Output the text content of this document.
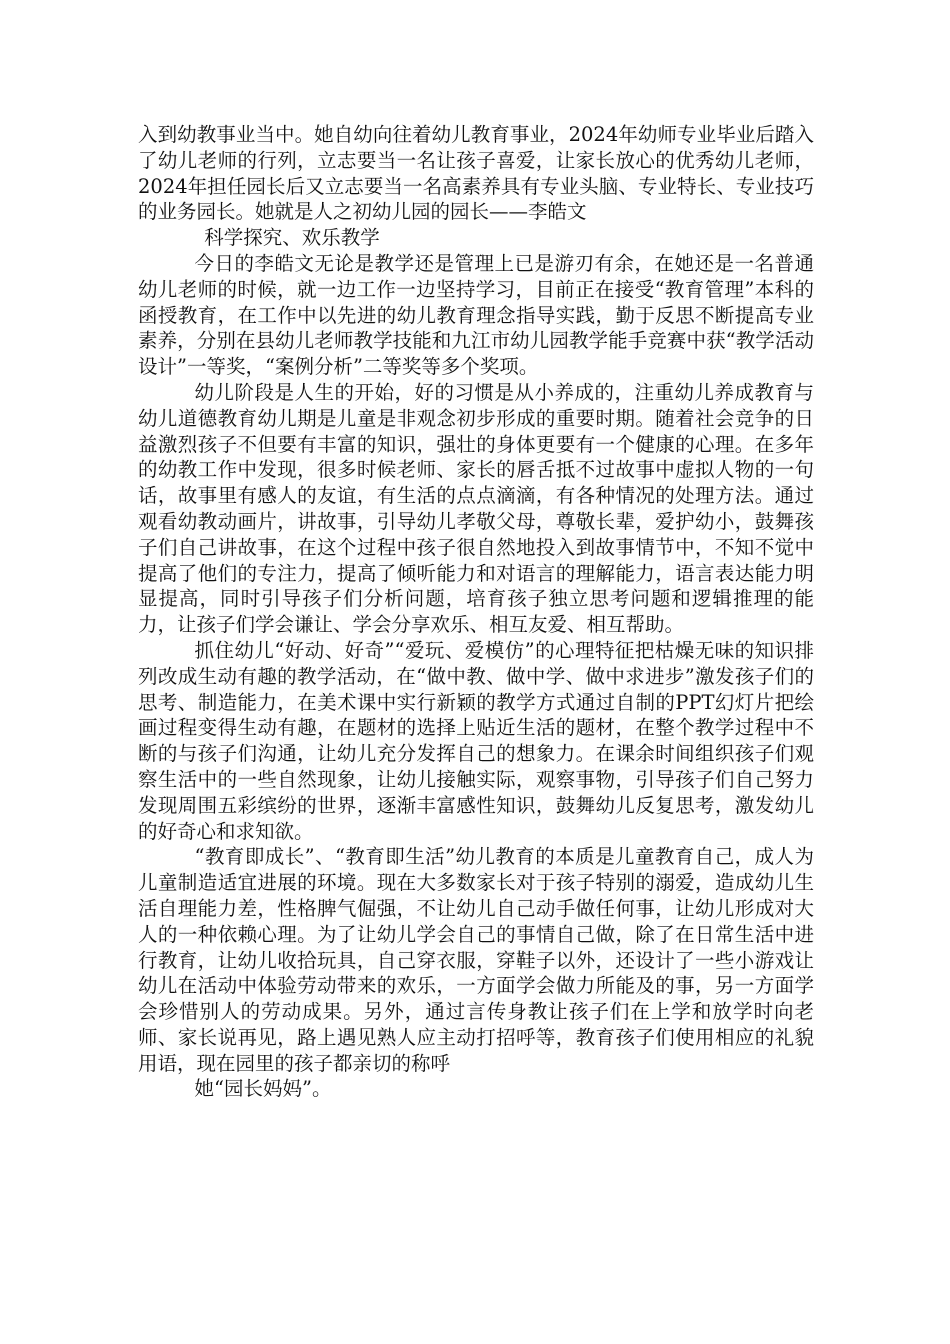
入到幼教事业当中。她自幼向往着幼儿教育事业，2024年幼师专业毕业后踏入了幼儿老师的行列，立志要当一名让孩子喜爱，让家长放心的优秀幼儿老师，2024年担任园长后又立志要当一名高素养具有专业头脑、专业特长、专业技巧的业务园长。她就是人之初幼儿园的园长——李皓文

科学探究、欢乐教学

今日的李皓文无论是教学还是管理上已是游刃有余，在她还是一名普通幼儿老师的时候，就一边工作一边坚持学习，目前正在接受“教育管理”本科的函授教育，在工作中以先进的幼儿教育理念指导实践，勤于反思不断提高专业素养，分别在县幼儿老师教学技能和九江市幼儿园教学能手竞赛中获“教学活动设计”一等奖，“案例分析”二等奖等多个奖项。

幼儿阶段是人生的开始，好的习惯是从小养成的，注重幼儿养成教育与幼儿道德教育幼儿期是儿童是非观念初步形成的重要时期。随着社会竞争的日益激烈孩子不但要有丰富的知识，强壮的身体更要有一个健康的心理。在多年的幼教工作中发现，很多时候老师、家长的唇舌抵不过故事中虚拟人物的一句话，故事里有感人的友谊，有生活的点点滴滴，有各种情况的处理方法。通过观看幼教动画片，讲故事，引导幼儿孝敬父母，尊敬长辈，爱护幼小，鼓舞孩子们自己讲故事，在这个过程中孩子很自然地投入到故事情节中，不知不觉中提高了他们的专注力，提高了倾听能力和对语言的理解能力，语言表达能力明显提高，同时引导孩子们分析问题，培育孩子独立思考问题和逻辑推理的能力，让孩子们学会谦让、学会分享欢乐、相互友爱、相互帮助。

抓住幼儿“好动、好奇”“爱玩、爱模仿”的心理特征把枯燥无味的知识排列改成生动有趣的教学活动，在“做中教、做中学、做中求进步”激发孩子们的思考、制造能力，在美术课中实行新颖的教学方式通过自制的PPT幻灯片把绘画过程变得生动有趣，在题材的选择上贴近生活的题材，在整个教学过程中不断的与孩子们沟通，让幼儿充分发挥自己的想象力。在课余时间组织孩子们观察生活中的一些自然现象，让幼儿接触实际，观察事物，引导孩子们自己努力发现周围五彩缤纷的世界，逐渐丰富感性知识，鼓舞幼儿反复思考，激发幼儿的好奇心和求知欲。

“教育即成长”、“教育即生活”幼儿教育的本质是儿童教育自己，成人为儿童制造适宜进展的环境。现在大多数家长对于孩子特别的溺爱，造成幼儿生活自理能力差，性格脾气倔强，不让幼儿自己动手做任何事，让幼儿形成对大人的一种依赖心理。为了让幼儿学会自己的事情自己做，除了在日常生活中进行教育，让幼儿收拾玩具，自己穿衣服，穿鞋子以外，还设计了一些小游戏让幼儿在活动中体验劳动带来的欢乐，一方面学会做力所能及的事，另一方面学会珍惜别人的劳动成果。另外，通过言传身教让孩子们在上学和放学时向老师、家长说再见，路上遇见熟人应主动打招呼等，教育孩子们使用相应的礼貌用语，现在园里的孩子都亲切的称呼

她“园长妈妈”。
